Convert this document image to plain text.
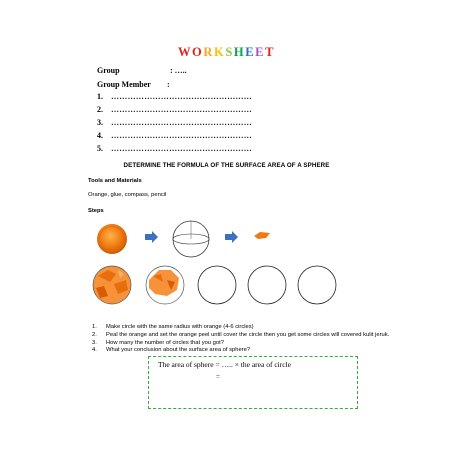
WORKSHEET
Group	: …..
Group Member :
1. ……………………………………………
2. ……………………………………………
3. ……………………………………………
4. ……………………………………………
5. ……………………………………………
DETERMINE THE FORMULA OF THE SURFACE AREA OF A SPHERE
Tools and Materials
Orange, glue, compass, pencil
Steps
1. Make circle with the same radius with orange (4-6 circles)
2. Peal the orange and set the orange peel until cover the circle then you get some circles will covered kulit jeruk.
3. How many the number of circles that you got?
4. What your conclusion about the surface area of sphere?
The area of sphere = ….. × the area of circle
=
